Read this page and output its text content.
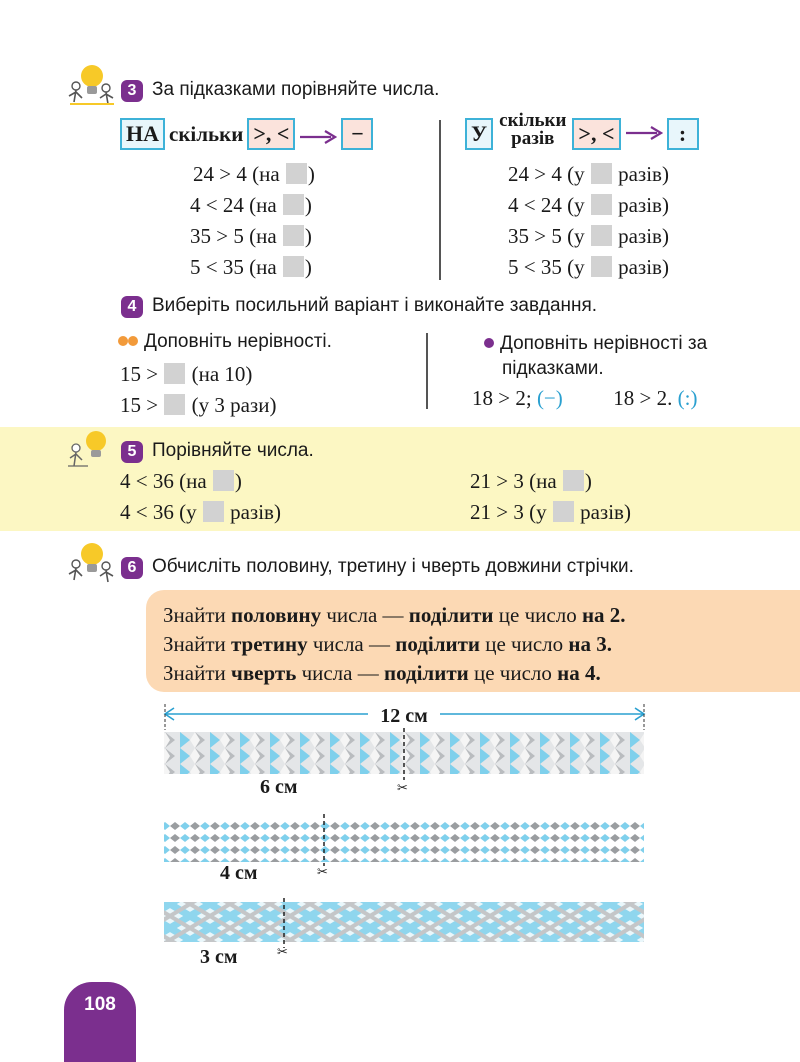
3 За підказками порівняйте числа.
НА скільки >, <	−	У скільки
разів >, <	:
24 > 4 (на )
4 < 24 (на )
35 > 5 (на )
5 < 35 (на )
24 > 4 (у разів)
4 < 24 (у разів)
35 > 5 (у разів)
5 < 35 (у разів)
4 Виберіть посильний варіант і виконайте завдання.
Доповніть нерівності.
15 > (на 10)
15 > (у 3 рази)
Доповніть нерівності за
підказками.
18 > 2; (−) 18 > 2. (:)
5 Порівняйте числа.
4 < 36 (на )
4 < 36 (у разів)
21 > 3 (на )
21 > 3 (у разів)
6 Обчисліть половину, третину і чверть довжини стрічки.
Знайти половину числа — поділити це число на 2.
Знайти третину числа — поділити це число на 3.
Знайти чверть числа — поділити це число на 4.
12 см
✂
6 см
✂
4 см
✂
3 см
108
